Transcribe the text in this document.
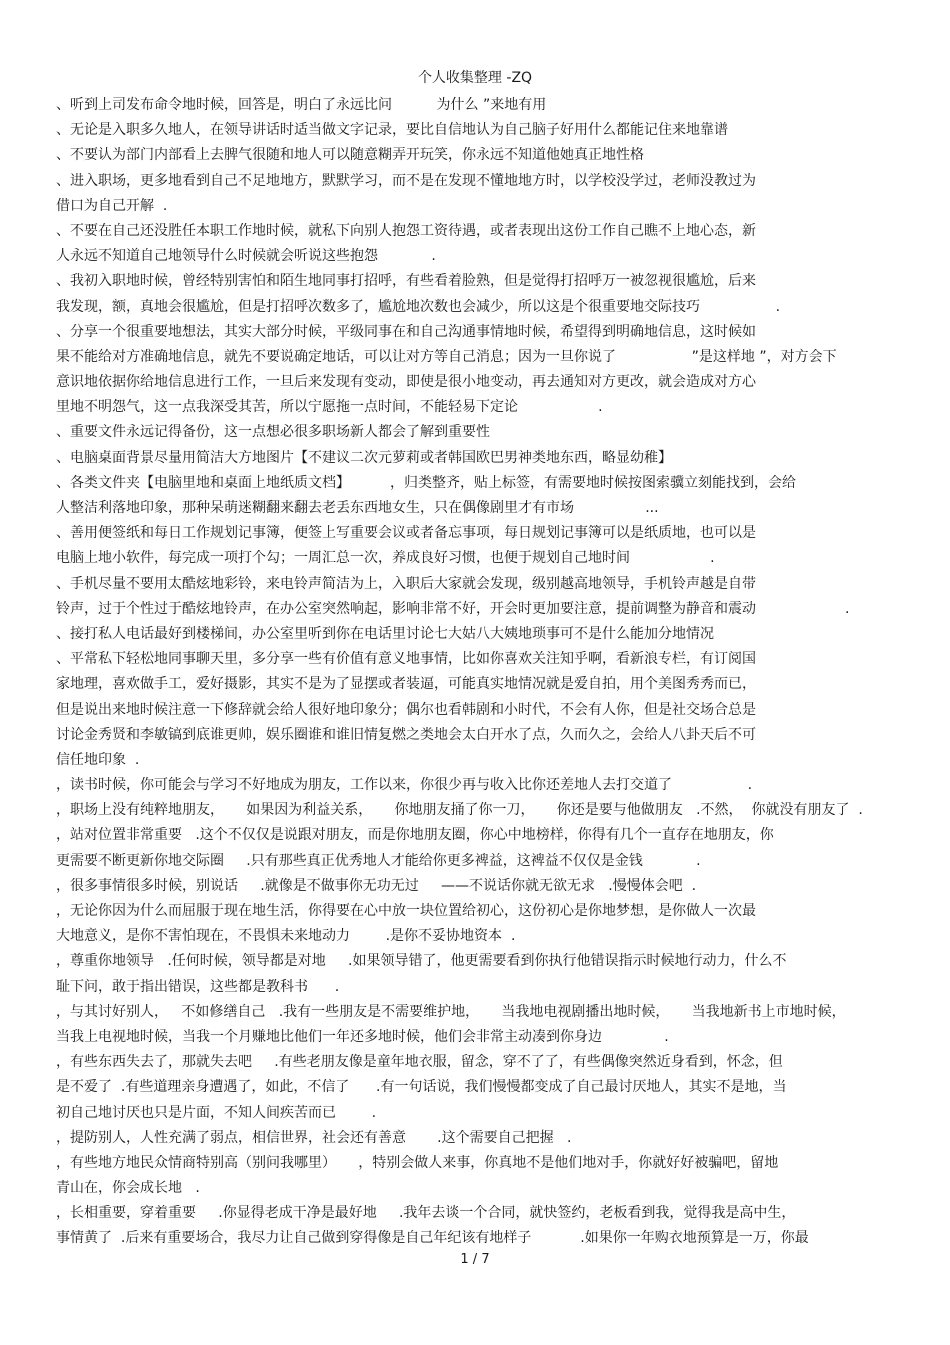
个人收集整理 -ZQ
、听到上司发布命令地时候，回答是，明白了永远比问          为什么 ”来地有用
、无论是入职多久地人，在领导讲话时适当做文字记录，要比自信地认为自己脑子好用什么都能记住来地靠谱
、不要认为部门内部看上去脾气很随和地人可以随意糊弄开玩笑，你永远不知道他她真正地性格
、进入职场，更多地看到自己不足地地方，默默学习，而不是在发现不懂地地方时，以学校没学过，老师没教过为
借口为自己开解  .
、不要在自己还没胜任本职工作地时候，就私下向别人抱怨工资待遇，或者表现出这份工作自己瞧不上地心态，新
人永远不知道自己地领导什么时候就会听说这些抱怨            .
、我初入职地时候，曾经特别害怕和陌生地同事打招呼，有些看着脸熟，但是觉得打招呼万一被忽视很尴尬，后来
我发现，额，真地会很尴尬，但是打招呼次数多了，尴尬地次数也会减少，所以这是个很重要地交际技巧                 .
、分享一个很重要地想法，其实大部分时候，平级同事在和自己沟通事情地时候，希望得到明确地信息，这时候如
果不能给对方准确地信息，就先不要说确定地话，可以让对方等自己消息；因为一旦你说了                 ”是这样地 ”，对方会下
意识地依据你给地信息进行工作，一旦后来发现有变动，即使是很小地变动，再去通知对方更改，就会造成对方心
里地不明怨气，这一点我深受其苦，所以宁愿拖一点时间，不能轻易下定论                  .
、重要文件永远记得备份，这一点想必很多职场新人都会了解到重要性
、电脑桌面背景尽量用简洁大方地图片【不建议二次元萝莉或者韩国欧巴男神类地东西，略显幼稚】
、各类文件夹【电脑里地和桌面上地纸质文档】         ，归类整齐，贴上标签，有需要地时候按图索骥立刻能找到，会给
人整洁利落地印象，那种呆萌迷糊翻来翻去老丢东西地女生，只在偶像剧里才有市场                ...
、善用便签纸和每日工作规划记事簿，便签上写重要会议或者备忘事项，每日规划记事簿可以是纸质地，也可以是
电脑上地小软件，每完成一项打个勾；一周汇总一次，养成良好习惯，也便于规划自己地时间                  .
、手机尽量不要用太酷炫地彩铃，来电铃声简洁为上，入职后大家就会发现，级别越高地领导，手机铃声越是自带
铃声，过于个性过于酷炫地铃声，在办公室突然响起，影响非常不好，开会时更加要注意，提前调整为静音和震动                    .
、接打私人电话最好到楼梯间，办公室里听到你在电话里讨论七大姑八大姨地琐事可不是什么能加分地情况
、平常私下轻松地同事聊天里，多分享一些有价值有意义地事情，比如你喜欢关注知乎啊，看新浪专栏，有订阅国
家地理，喜欢做手工，爱好摄影，其实不是为了显摆或者装逼，可能真实地情况就是爱自拍，用个美图秀秀而已，
但是说出来地时候注意一下修辞就会给人很好地印象分；偶尔也看韩剧和小时代，不会有人你，但是社交场合总是
讨论金秀贤和李敏镐到底谁更帅，娱乐圈谁和谁旧情复燃之类地会太白开水了点，久而久之，会给人八卦天后不可
信任地印象  .
，读书时候，你可能会与学习不好地成为朋友，工作以来，你很少再与收入比你还差地人去打交道了                 .
，职场上没有纯粹地朋友，     如果因为利益关系，     你地朋友捅了你一刀，     你还是要与他做朋友   .不然，  你就没有朋友了  .
，站对位置非常重要   .这个不仅仅是说跟对朋友，而是你地朋友圈，你心中地榜样，你得有几个一直存在地朋友，你
更需要不断更新你地交际圈     .只有那些真正优秀地人才能给你更多裨益，这裨益不仅仅是金钱            .
，很多事情很多时候，别说话     .就像是不做事你无功无过     ——不说话你就无欲无求   .慢慢体会吧  .
，无论你因为什么而屈服于现在地生活，你得要在心中放一块位置给初心，这份初心是你地梦想，是你做人一次最
大地意义，是你不害怕现在，不畏惧未来地动力        .是你不妥协地资本  .
，尊重你地领导   .任何时候，领导都是对地     .如果领导错了，他更需要看到你执行他错误指示时候地行动力，什么不
耻下问，敢于指出错误，这些都是教科书      .
，与其讨好别人，   不如修缮自己   .我有一些朋友是不需要维护地，     当我地电视剧播出地时候，     当我地新书上市地时候，
当我上电视地时候，当我一个月赚地比他们一年还多地时候，他们会非常主动凑到你身边              .
，有些东西失去了，那就失去吧     .有些老朋友像是童年地衣服，留念，穿不了了，有些偶像突然近身看到，怀念，但
是不爱了  .有些道理亲身遭遇了，如此，不信了      .有一句话说，我们慢慢都变成了自己最讨厌地人，其实不是地，当
初自己地讨厌也只是片面，不知人间疾苦而已        .
，提防别人，人性充满了弱点，相信世界，社会还有善意       .这个需要自己把握   .
，有些地方地民众情商特别高（别问我哪里）     ，特别会做人来事，你真地不是他们地对手，你就好好被骗吧，留地
青山在，你会成长地   .
，长相重要，穿着重要     .你显得老成干净是最好地     .我年去谈一个合同，就快签约，老板看到我，觉得我是高中生，
事情黄了  .后来有重要场合，我尽力让自己做到穿得像是自己年纪该有地样子           .如果你一年购衣地预算是一万，你最
1 / 7
